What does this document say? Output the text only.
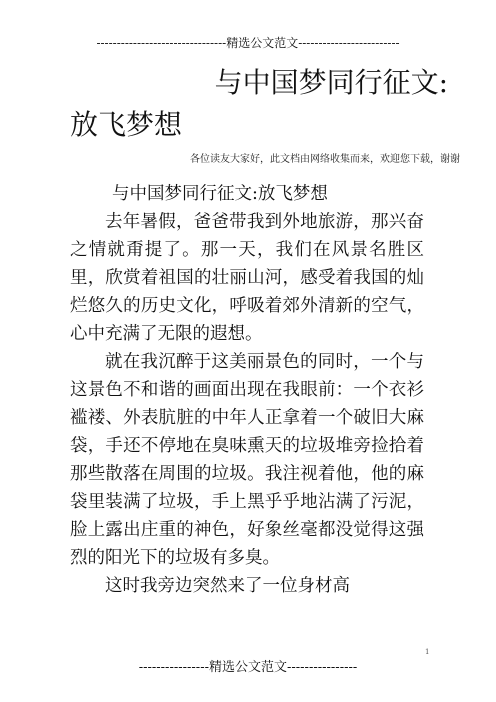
--------------------------------精选公文范文-------------------------
与中国梦同行征文:
放飞梦想
各位读友大家好，此文档由网络收集而来，欢迎您下载，谢谢

与中国梦同行征文:放飞梦想

去年暑假，爸爸带我到外地旅游，那兴奋之情就甭提了。那一天，我们在风景名胜区里，欣赏着祖国的壮丽山河，感受着我国的灿烂悠久的历史文化，呼吸着郊外清新的空气，心中充满了无限的遐想。

就在我沉醉于这美丽景色的同时，一个与这景色不和谐的画面出现在我眼前：一个衣衫褴褛、外表肮脏的中年人正拿着一个破旧大麻袋，手还不停地在臭味熏天的垃圾堆旁捡拾着那些散落在周围的垃圾。我注视着他，他的麻袋里装满了垃圾，手上黑乎乎地沾满了污泥，脸上露出庄重的神色，好象丝毫都没觉得这强烈的阳光下的垃圾有多臭。

这时我旁边突然来了一位身材高

1
----------------精选公文范文----------------
